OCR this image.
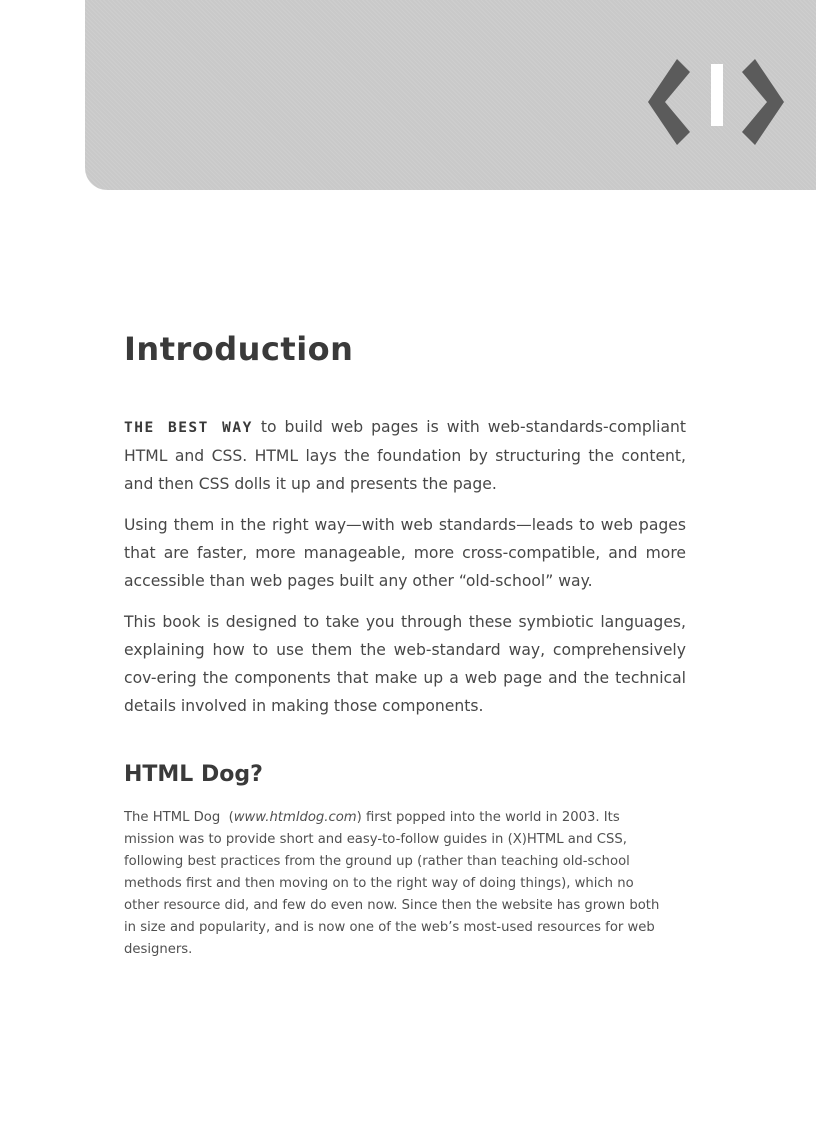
Introduction

THE BEST WAY to build web pages is with web-standards-compliant HTML and CSS. HTML lays the foundation by structuring the content, and then CSS dolls it up and presents the page.

Using them in the right way—with web standards—leads to web pages that are faster, more manageable, more cross-compatible, and more accessible than web pages built any other “old-school” way.

This book is designed to take you through these symbiotic languages, explaining how to use them the web-standard way, comprehensively cov-ering the components that make up a web page and the technical details involved in making those components.

HTML Dog?

The HTML Dog  (www.htmldog.com) first popped into the world in 2003. Its mission was to provide short and easy-to-follow guides in (X)HTML and CSS, following best practices from the ground up (rather than teaching old-school methods first and then moving on to the right way of doing things), which no other resource did, and few do even now. Since then the website has grown both in size and popularity, and is now one of the web’s most-used resources for web designers.
